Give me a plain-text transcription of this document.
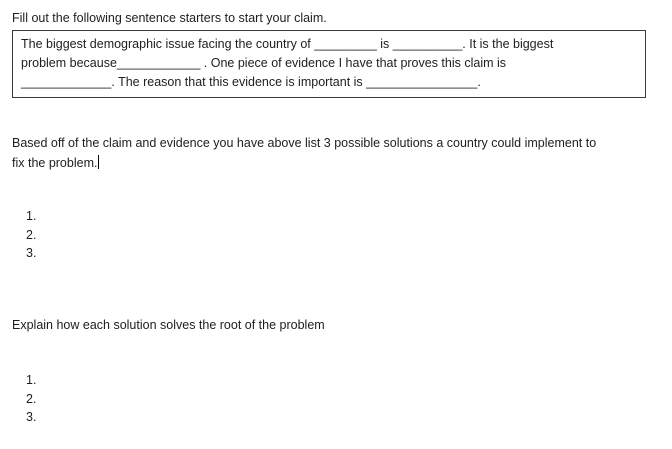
Fill out the following sentence starters to start your claim.
The biggest demographic issue facing the country of _________ is __________. It is the biggest
problem because____________ . One piece of evidence I have that proves this claim is
_____________. The reason that this evidence is important is ________________.
Based off of the claim and evidence you have above list 3 possible solutions a country could implement to
fix the problem.
1.
2.
3.
Explain how each solution solves the root of the problem
1.
2.
3.
